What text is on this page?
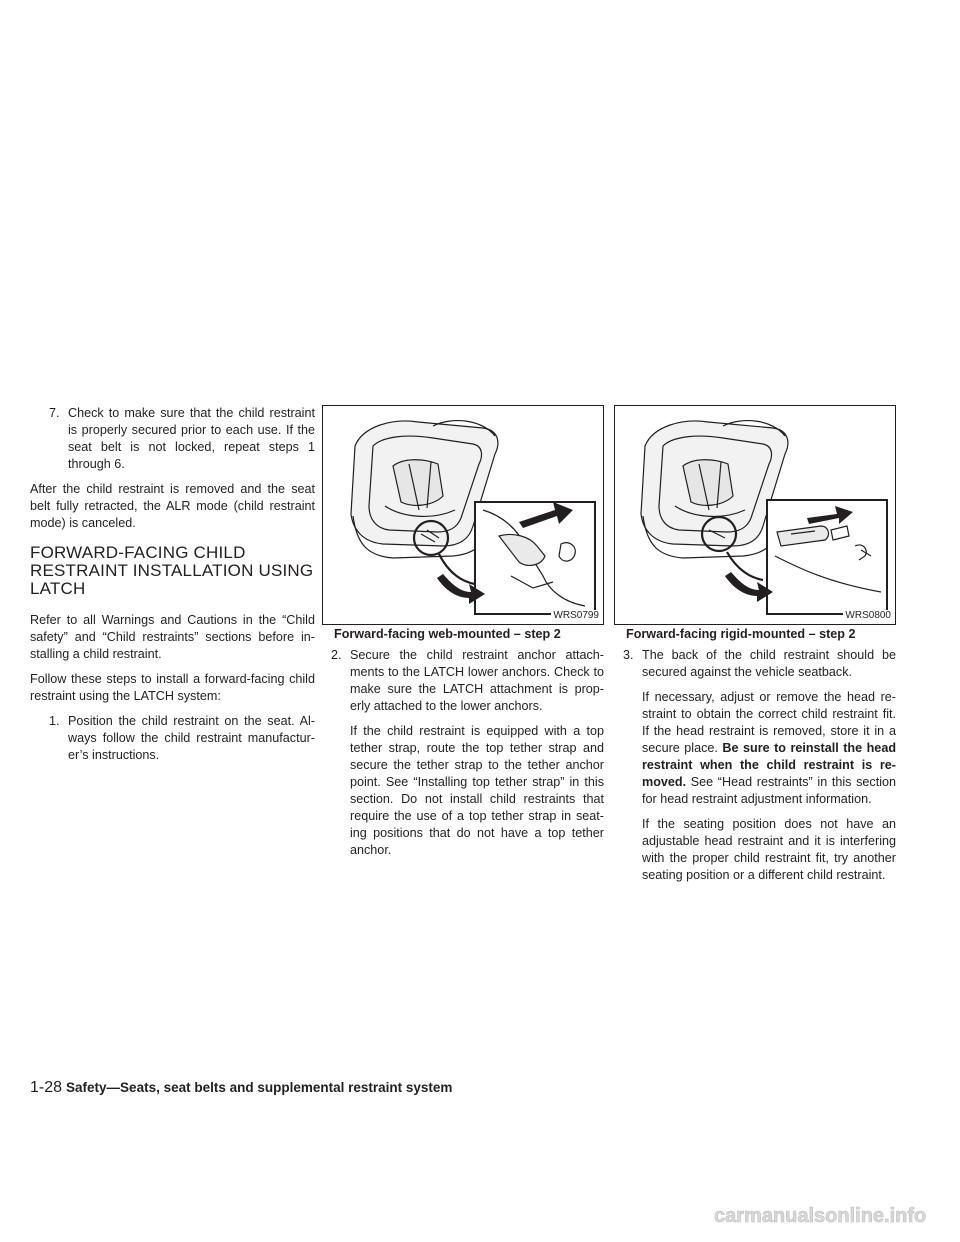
7. Check to make sure that the child restraint is properly secured prior to each use. If the seat belt is not locked, repeat steps 1 through 6.

After the child restraint is removed and the seat belt fully retracted, the ALR mode (child restraint mode) is canceled.

FORWARD-FACING CHILD RESTRAINT INSTALLATION USING LATCH

Refer to all Warnings and Cautions in the “Child safety” and “Child restraints” sections before in- stalling a child restraint.

Follow these steps to install a forward-facing child restraint using the LATCH system:

1. Position the child restraint on the seat. Al- ways follow the child restraint manufactur- er’s instructions.

WRS0799
Forward-facing web-mounted – step 2

2. Secure the child restraint anchor attach- ments to the LATCH lower anchors. Check to make sure the LATCH attachment is prop- erly attached to the lower anchors.

If the child restraint is equipped with a top tether strap, route the top tether strap and secure the tether strap to the tether anchor point. See “Installing top tether strap” in this section. Do not install child restraints that require the use of a top tether strap in seat- ing positions that do not have a top tether anchor.

WRS0800
Forward-facing rigid-mounted – step 2

3. The back of the child restraint should be secured against the vehicle seatback.

If necessary, adjust or remove the head re- straint to obtain the correct child restraint fit. If the head restraint is removed, store it in a secure place. Be sure to reinstall the head restraint when the child restraint is re- moved. See “Head restraints” in this section for head restraint adjustment information.

If the seating position does not have an adjustable head restraint and it is interfering with the proper child restraint fit, try another seating position or a different child restraint.

1-28 Safety—Seats, seat belts and supplemental restraint system
carmanualsonline.info
